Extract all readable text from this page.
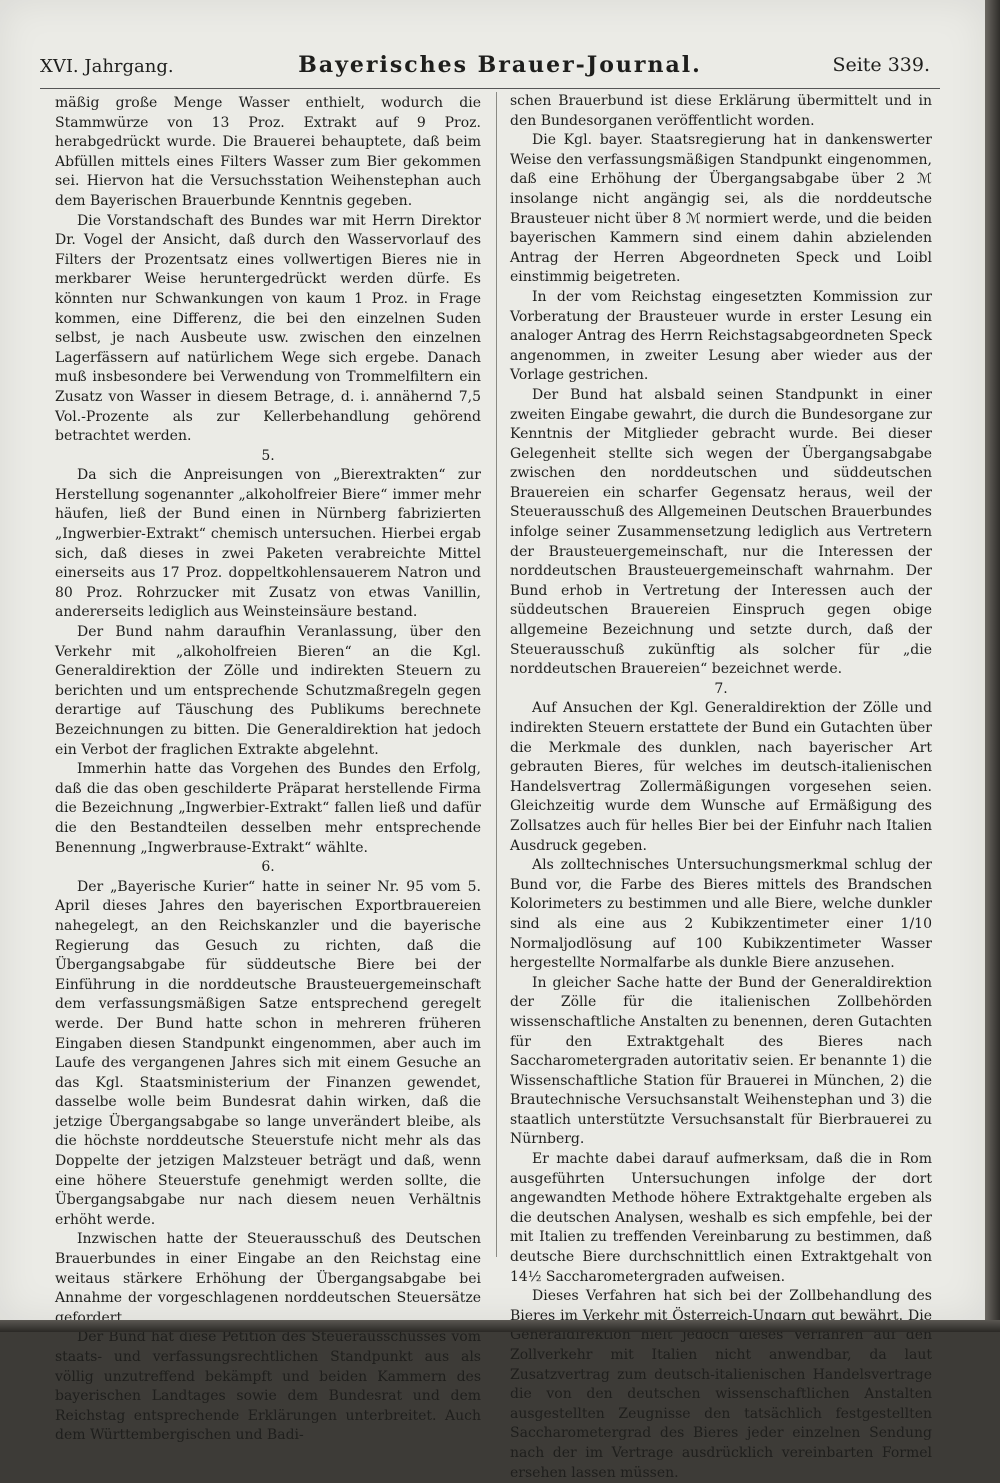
XVI. Jahrgang.	Bayerisches Brauer-Journal.	Seite 339.

mäßig große Menge Wasser enthielt, wodurch die Stammwürze von 13 Proz. Extrakt auf 9 Proz. herabgedrückt wurde. Die Brauerei behauptete, daß beim Abfüllen mittels eines Filters Wasser zum Bier gekommen sei. Hiervon hat die Versuchsstation Weihenstephan auch dem Bayerischen Brauerbunde Kenntnis gegeben.

Die Vorstandschaft des Bundes war mit Herrn Direktor Dr. Vogel der Ansicht, daß durch den Wasservorlauf des Filters der Prozentsatz eines vollwertigen Bieres nie in merkbarer Weise heruntergedrückt werden dürfe. Es könnten nur Schwankungen von kaum 1 Proz. in Frage kommen, eine Differenz, die bei den einzelnen Suden selbst, je nach Ausbeute usw. zwischen den einzelnen Lagerfässern auf natürlichem Wege sich ergebe. Danach muß insbesondere bei Verwendung von Trommelfiltern ein Zusatz von Wasser in diesem Betrage, d. i. annähernd 7,5 Vol.-Prozente als zur Kellerbehandlung gehörend betrachtet werden.

5.

Da sich die Anpreisungen von „Bierextrakten“ zur Herstellung sogenannter „alkoholfreier Biere“ immer mehr häufen, ließ der Bund einen in Nürnberg fabrizierten „Ingwerbier-Extrakt“ chemisch untersuchen. Hierbei ergab sich, daß dieses in zwei Paketen verabreichte Mittel einerseits aus 17 Proz. doppeltkohlensauerem Natron und 80 Proz. Rohrzucker mit Zusatz von etwas Vanillin, andererseits lediglich aus Weinsteinsäure bestand.

Der Bund nahm daraufhin Veranlassung, über den Verkehr mit „alkoholfreien Bieren“ an die Kgl. Generaldirektion der Zölle und indirekten Steuern zu berichten und um entsprechende Schutzmaßregeln gegen derartige auf Täuschung des Publikums berechnete Bezeichnungen zu bitten. Die Generaldirektion hat jedoch ein Verbot der fraglichen Extrakte abgelehnt.

Immerhin hatte das Vorgehen des Bundes den Erfolg, daß die das oben geschilderte Präparat herstellende Firma die Bezeichnung „Ingwerbier-Extrakt“ fallen ließ und dafür die den Bestandteilen desselben mehr entsprechende Benennung „Ingwerbrause-Extrakt“ wählte.

6.

Der „Bayerische Kurier“ hatte in seiner Nr. 95 vom 5. April dieses Jahres den bayerischen Exportbrauereien nahegelegt, an den Reichskanzler und die bayerische Regierung das Gesuch zu richten, daß die Übergangsabgabe für süddeutsche Biere bei der Einführung in die norddeutsche Brausteuergemeinschaft dem verfassungsmäßigen Satze entsprechend geregelt werde. Der Bund hatte schon in mehreren früheren Eingaben diesen Standpunkt eingenommen, aber auch im Laufe des vergangenen Jahres sich mit einem Gesuche an das Kgl. Staatsministerium der Finanzen gewendet, dasselbe wolle beim Bundesrat dahin wirken, daß die jetzige Übergangsabgabe so lange unverändert bleibe, als die höchste norddeutsche Steuerstufe nicht mehr als das Doppelte der jetzigen Malzsteuer beträgt und daß, wenn eine höhere Steuerstufe genehmigt werden sollte, die Übergangsabgabe nur nach diesem neuen Verhältnis erhöht werde.

Inzwischen hatte der Steuerausschuß des Deutschen Brauerbundes in einer Eingabe an den Reichstag eine weitaus stärkere Erhöhung der Übergangsabgabe bei Annahme der vorgeschlagenen norddeutschen Steuersätze gefordert.

Der Bund hat diese Petition des Steuerausschusses vom staats- und verfassungsrechtlichen Standpunkt aus als völlig unzutreffend bekämpft und beiden Kammern des bayerischen Landtages sowie dem Bundesrat und dem Reichstag entsprechende Erklärungen unterbreitet. Auch dem Württembergischen und Badi-

schen Brauerbund ist diese Erklärung übermittelt und in den Bundesorganen veröffentlicht worden.

Die Kgl. bayer. Staatsregierung hat in dankenswerter Weise den verfassungsmäßigen Standpunkt eingenommen, daß eine Erhöhung der Übergangsabgabe über 2 ℳ insolange nicht angängig sei, als die norddeutsche Brausteuer nicht über 8 ℳ normiert werde, und die beiden bayerischen Kammern sind einem dahin abzielenden Antrag der Herren Abgeordneten Speck und Loibl einstimmig beigetreten.

In der vom Reichstag eingesetzten Kommission zur Vorberatung der Brausteuer wurde in erster Lesung ein analoger Antrag des Herrn Reichstagsabgeordneten Speck angenommen, in zweiter Lesung aber wieder aus der Vorlage gestrichen.

Der Bund hat alsbald seinen Standpunkt in einer zweiten Eingabe gewahrt, die durch die Bundesorgane zur Kenntnis der Mitglieder gebracht wurde. Bei dieser Gelegenheit stellte sich wegen der Übergangsabgabe zwischen den norddeutschen und süddeutschen Brauereien ein scharfer Gegensatz heraus, weil der Steuerausschuß des Allgemeinen Deutschen Brauerbundes infolge seiner Zusammensetzung lediglich aus Vertretern der Brausteuergemeinschaft, nur die Interessen der norddeutschen Brausteuergemeinschaft wahrnahm. Der Bund erhob in Vertretung der Interessen auch der süddeutschen Brauereien Einspruch gegen obige allgemeine Bezeichnung und setzte durch, daß der Steuerausschuß zukünftig als solcher für „die norddeutschen Brauereien“ bezeichnet werde.

7.

Auf Ansuchen der Kgl. Generaldirektion der Zölle und indirekten Steuern erstattete der Bund ein Gutachten über die Merkmale des dunklen, nach bayerischer Art gebrauten Bieres, für welches im deutsch-italienischen Handelsvertrag Zollermäßigungen vorgesehen seien. Gleichzeitig wurde dem Wunsche auf Ermäßigung des Zollsatzes auch für helles Bier bei der Einfuhr nach Italien Ausdruck gegeben.

Als zolltechnisches Untersuchungsmerkmal schlug der Bund vor, die Farbe des Bieres mittels des Brandschen Kolorimeters zu bestimmen und alle Biere, welche dunkler sind als eine aus 2 Kubikzentimeter einer 1/10 Normaljodlösung auf 100 Kubikzentimeter Wasser hergestellte Normalfarbe als dunkle Biere anzusehen.

In gleicher Sache hatte der Bund der Generaldirektion der Zölle für die italienischen Zollbehörden wissenschaftliche Anstalten zu benennen, deren Gutachten für den Extraktgehalt des Bieres nach Saccharometergraden autoritativ seien. Er benannte 1) die Wissenschaftliche Station für Brauerei in München, 2) die Brautechnische Versuchsanstalt Weihenstephan und 3) die staatlich unterstützte Versuchsanstalt für Bierbrauerei zu Nürnberg.

Er machte dabei darauf aufmerksam, daß die in Rom ausgeführten Untersuchungen infolge der dort angewandten Methode höhere Extraktgehalte ergeben als die deutschen Analysen, weshalb es sich empfehle, bei der mit Italien zu treffenden Vereinbarung zu bestimmen, daß deutsche Biere durchschnittlich einen Extraktgehalt von 14½ Saccharometergraden aufweisen.

Dieses Verfahren hat sich bei der Zollbehandlung des Bieres im Verkehr mit Österreich-Ungarn gut bewährt. Die Generaldirektion hielt jedoch dieses Verfahren auf den Zollverkehr mit Italien nicht anwendbar, da laut Zusatzvertrag zum deutsch-italienischen Handelsvertrage die von den deutschen wissenschaftlichen Anstalten ausgestellten Zeugnisse den tatsächlich festgestellten Saccharometergrad des Bieres jeder einzelnen Sendung nach der im Vertrage ausdrücklich vereinbarten Formel
